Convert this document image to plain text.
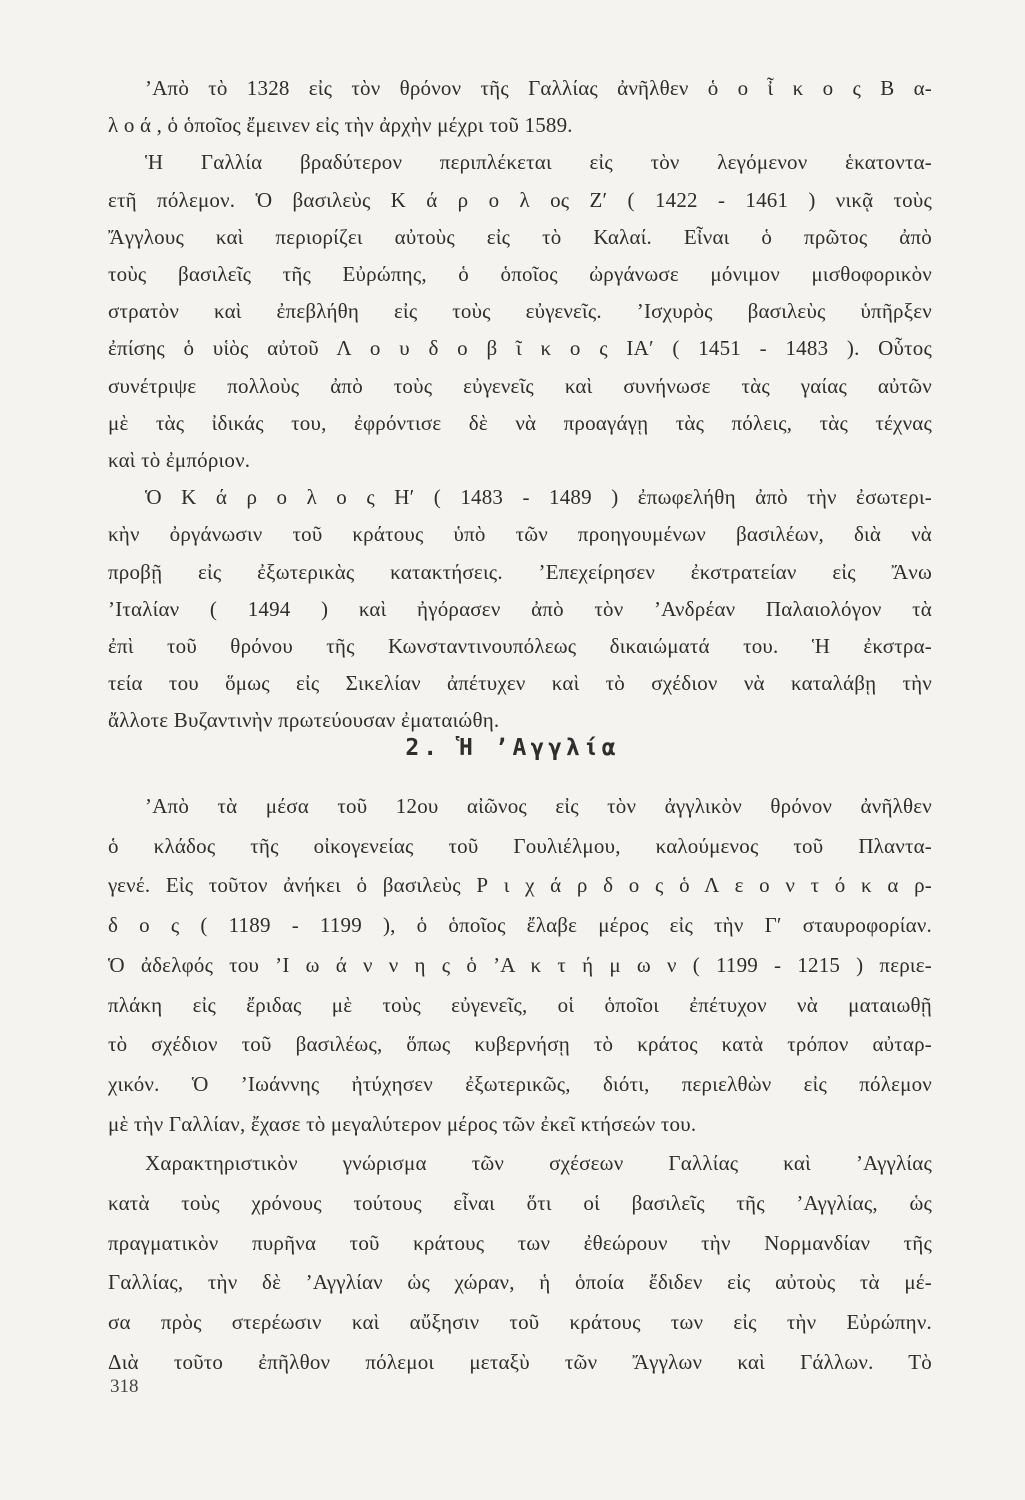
ʼΑπὸ τὸ 1328 εἰς τὸν θρόνον τῆς Γαλλίας ἀνῆλθεν ὁ ο ἶ κ ο ς Β α-
λ ο ά , ὁ ὁποῖος ἔμεινεν εἰς τὴν ἀρχὴν μέχρι τοῦ 1589.
Ἡ Γαλλία βραδύτερον περιπλέκεται εἰς τὸν λεγόμενον ἑκατοντα-
ετῆ πόλεμον. Ὁ βασιλεὺς Κ ά ρ ο λ ος Ζʹ ( 1422 - 1461 ) νικᾷ τοὺς
Ἄγγλους καὶ περιορίζει αὐτοὺς εἰς τὸ Καλαί. Εἶναι ὁ πρῶτος ἀπὸ
τοὺς βασιλεῖς τῆς Εὐρώπης, ὁ ὁποῖος ὠργάνωσε μόνιμον μισθοφορικὸν
στρατὸν καὶ ἐπεβλήθη εἰς τοὺς εὐγενεῖς. ʼΙσχυρὸς βασιλεὺς ὑπῆρξεν
ἐπίσης ὁ υἱὸς αὐτοῦ Λ ο υ δ ο β ῖ κ ο ς ΙΑʹ ( 1451 - 1483 ). Οὗτος
συνέτριψε πολλοὺς ἀπὸ τοὺς εὐγενεῖς καὶ συνήνωσε τὰς γαίας αὐτῶν
μὲ τὰς ἰδικάς του, ἐφρόντισε δὲ νὰ προαγάγῃ τὰς πόλεις, τὰς τέχνας
καὶ τὸ ἐμπόριον.
Ὁ Κ ά ρ ο λ ο ς Ηʹ ( 1483 - 1489 ) ἐπωφελήθη ἀπὸ τὴν ἐσωτερι-
κὴν ὀργάνωσιν τοῦ κράτους ὑπὸ τῶν προηγουμένων βασιλέων, διὰ νὰ
προβῇ εἰς ἐξωτερικὰς κατακτήσεις. ʼΕπεχείρησεν ἐκστρατείαν εἰς Ἄνω
ʼΙταλίαν ( 1494 ) καὶ ἠγόρασεν ἀπὸ τὸν ʼΑνδρέαν Παλαιολόγον τὰ
ἐπὶ τοῦ θρόνου τῆς Κωνσταντινουπόλεως δικαιώματά του. Ἡ ἐκστρα-
τεία του ὅμως εἰς Σικελίαν ἀπέτυχεν καὶ τὸ σχέδιον νὰ καταλάβῃ τὴν
ἄλλοτε Βυζαντινὴν πρωτεύουσαν ἐματαιώθη.
2. Ἡ ʼΑγγλία
ʼΑπὸ τὰ μέσα τοῦ 12ου αἰῶνος εἰς τὸν ἀγγλικὸν θρόνον ἀνῆλθεν
ὁ κλάδος τῆς οἰκογενείας τοῦ Γουλιέλμου, καλούμενος τοῦ Πλαντα-
γενέ. Εἰς τοῦτον ἀνήκει ὁ βασιλεὺς Ρ ι χ ά ρ δ ο ς ὁ Λ ε ο ν τ ό κ α ρ-
δ ο ς ( 1189 - 1199 ), ὁ ὁποῖος ἔλαβε μέρος εἰς τὴν Γʹ σταυροφορίαν.
Ὁ ἀδελφός του ʼΙ ω ά ν ν η ς ὁ ʼΑ κ τ ή μ ω ν ( 1199 - 1215 ) περιε-
πλάκη εἰς ἔριδας μὲ τοὺς εὐγενεῖς, οἱ ὁποῖοι ἐπέτυχον νὰ ματαιωθῇ
τὸ σχέδιον τοῦ βασιλέως, ὅπως κυβερνήσῃ τὸ κράτος κατὰ τρόπον αὐταρ-
χικόν. Ὁ ʼΙωάννης ἠτύχησεν ἐξωτερικῶς, διότι, περιελθὼν εἰς πόλεμον
μὲ τὴν Γαλλίαν, ἔχασε τὸ μεγαλύτερον μέρος τῶν ἐκεῖ κτήσεών του.
Χαρακτηριστικὸν γνώρισμα τῶν σχέσεων Γαλλίας καὶ ʼΑγγλίας
κατὰ τοὺς χρόνους τούτους εἶναι ὅτι οἱ βασιλεῖς τῆς ʼΑγγλίας, ὡς
πραγματικὸν πυρῆνα τοῦ κράτους των ἐθεώρουν τὴν Νορμανδίαν τῆς
Γαλλίας, τὴν δὲ ʼΑγγλίαν ὡς χώραν, ἡ ὁποία ἔδιδεν εἰς αὐτοὺς τὰ μέ-
σα πρὸς στερέωσιν καὶ αὔξησιν τοῦ κράτους των εἰς τὴν Εὐρώπην.
Διὰ τοῦτο ἐπῆλθον πόλεμοι μεταξὺ τῶν Ἄγγλων καὶ Γάλλων. Τὸ
318
